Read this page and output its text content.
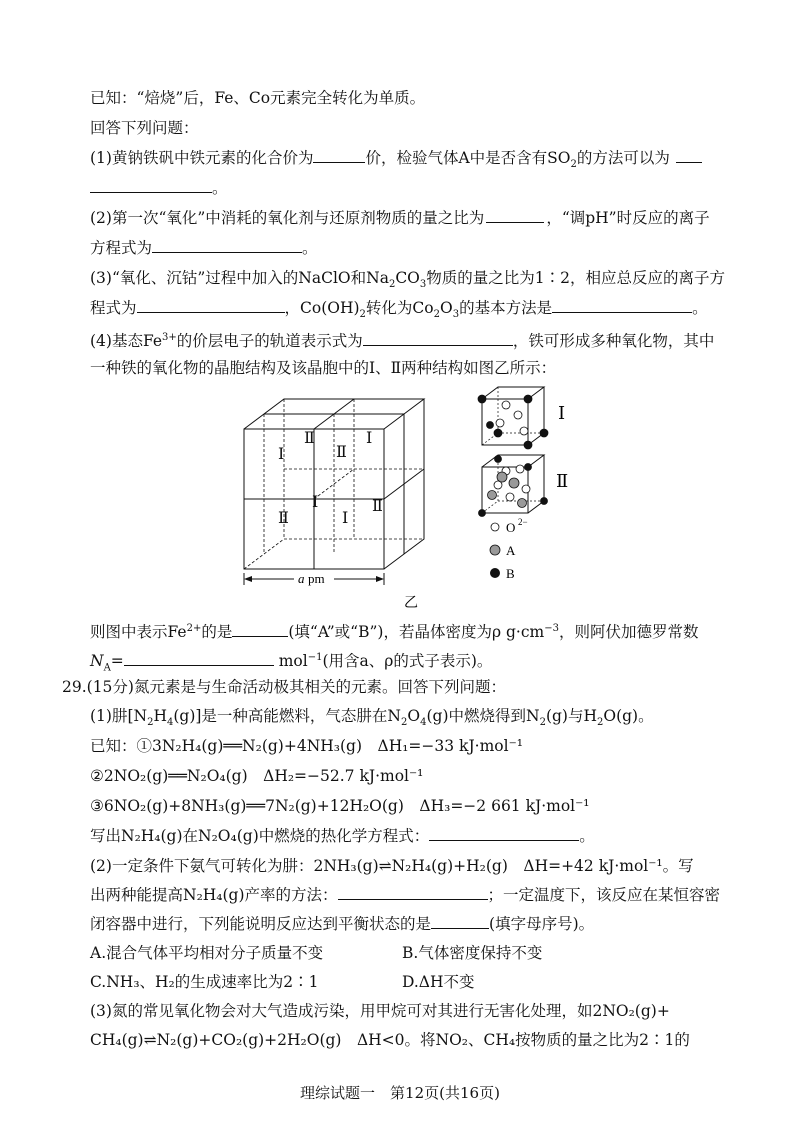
已知：“焙烧”后，Fe、Co元素完全转化为单质。
回答下列问题：
(1)黄钠铁矾中铁元素的化合价为	价，检验气体A中是否含有$SO_2$的方法可以为
。
(2)第一次“氧化”中消耗的氧化剂与还原剂物质的量之比为	，“调pH”时反应的离子
方程式为	。
(3)“氧化、沉钴”过程中加入的NaClO和$Na_2CO_3$物质的量之比为1∶2，相应总反应的离子方
程式为	，$Co(OH)_2$转化为$Co_2O_3$的基本方法是	。
(4)基态$Fe^{3+}$的价层电子的轨道表示式为	，铁可形成多种氧化物，其中
一种铁的氧化物的晶胞结构及该晶胞中的Ⅰ、Ⅱ两种结构如图乙所示：
Ⅰ
Ⅱ
Ⅱ
Ⅰ
Ⅱ
Ⅰ
Ⅰ
Ⅱ
a pm
Ⅰ
Ⅱ
O 2−
A
B
乙
则图中表示$Fe^{2+}$的是	(填“A”或“B”)，若晶体密度为ρ $g\cdot cm^{-3}$，则阿伏加德罗常数
$N_A=$	mol$^{-1}$(用含a、ρ的式子表示)。
29.(15分)氮元素是与生命活动极其相关的元素。回答下列问题：
(1)肼$[N_2H_4(g)]$是一种高能燃料，气态肼在$N_2O_4(g)$中燃烧得到$N_2(g)$与$H_2O(g)$。
已知：①3N₂H₄(g)══N₂(g)+4NH₃(g)　ΔH₁=−33 kJ·mol⁻¹
②2NO₂(g)══N₂O₄(g)　ΔH₂=−52.7 kJ·mol⁻¹
③6NO₂(g)+8NH₃(g)══7N₂(g)+12H₂O(g)　ΔH₃=−2 661 kJ·mol⁻¹
写出N₂H₄(g)在N₂O₄(g)中燃烧的热化学方程式：	。
(2)一定条件下氨气可转化为肼：2NH₃(g)⇌N₂H₄(g)+H₂(g)　ΔH=+42 kJ·mol⁻¹。写
出两种能提高N₂H₄(g)产率的方法：	；一定温度下，该反应在某恒容密
闭容器中进行，下列能说明反应达到平衡状态的是	(填字母序号)。
A.混合气体平均相对分子质量不变	B.气体密度保持不变
C.NH₃、H₂的生成速率比为2∶1	D.ΔH不变
(3)氮的常见氧化物会对大气造成污染，用甲烷可对其进行无害化处理，如2NO₂(g)+
CH₄(g)⇌N₂(g)+CO₂(g)+2H₂O(g)　ΔH<0。将NO₂、CH₄按物质的量之比为2∶1的
理综试题一　第12页(共16页)
